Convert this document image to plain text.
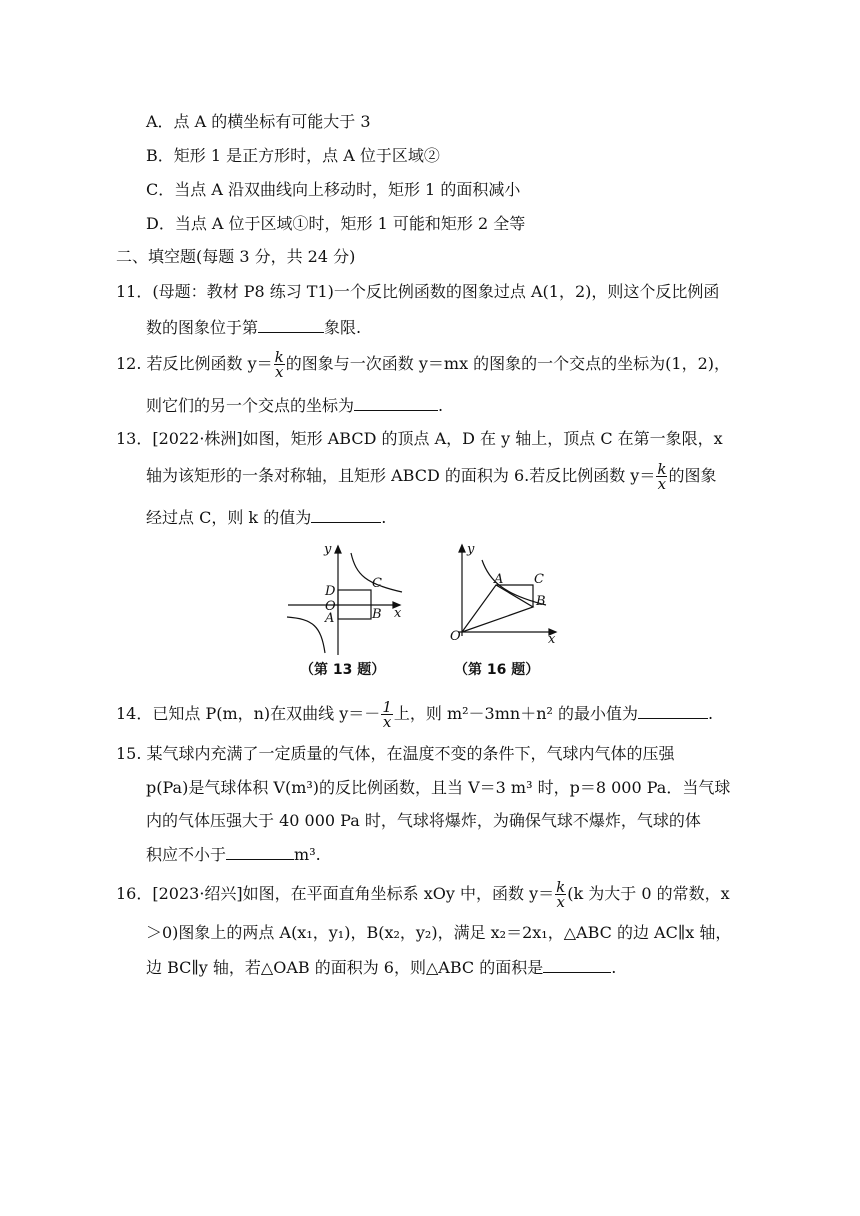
A．点 A 的横坐标有可能大于 3
B．矩形 1 是正方形时，点 A 位于区域②
C．当点 A 沿双曲线向上移动时，矩形 1 的面积减小
D．当点 A 位于区域①时，矩形 1 可能和矩形 2 全等
二、填空题(每题 3 分，共 24 分)
11．(母题：教材 P8 练习 T1)一个反比例函数的图象过点 A(1，2)，则这个反比例函
数的图象位于第	象限.
12. 若反比例函数 $y= \frac{k}{x}$ 的图象与一次函数 y＝mx 的图象的一个交点的坐标为(1，2)，
则它们的另一个交点的坐标为	.
13．[2022·株洲]如图，矩形 ABCD 的顶点 A，D 在 y 轴上，顶点 C 在第一象限，x
轴为该矩形的一条对称轴，且矩形 ABCD 的面积为 6.若反比例函数 $y= \frac{k}{x}$ 的图象
经过点 C，则 k 的值为	.
y
x
D
C
O
B
A
（第 13 题）
y
x
A C
B
O
（第 16 题）
14．已知点 P(m，n)在双曲线 $y=- \frac{1}{x}$ 上，则 m²－3mn＋n² 的最小值为	.
15. 某气球内充满了一定质量的气体，在温度不变的条件下，气球内气体的压强
p(Pa)是气球体积 V(m³)的反比例函数，且当 V＝3 m³ 时，p＝8 000 Pa．当气球
内的气体压强大于 40 000 Pa 时，气球将爆炸，为确保气球不爆炸，气球的体
积应不小于	m³.
16．[2023·绍兴]如图，在平面直角坐标系 xOy 中，函数 $y= \frac{k}{x} (k$ 为大于 0 的常数，x
＞0)图象上的两点 A(x₁，y₁)，B(x₂，y₂)，满足 x₂＝2x₁，△ABC 的边 AC∥x 轴，
边 BC∥y 轴，若△OAB 的面积为 6，则△ABC 的面积是	.
